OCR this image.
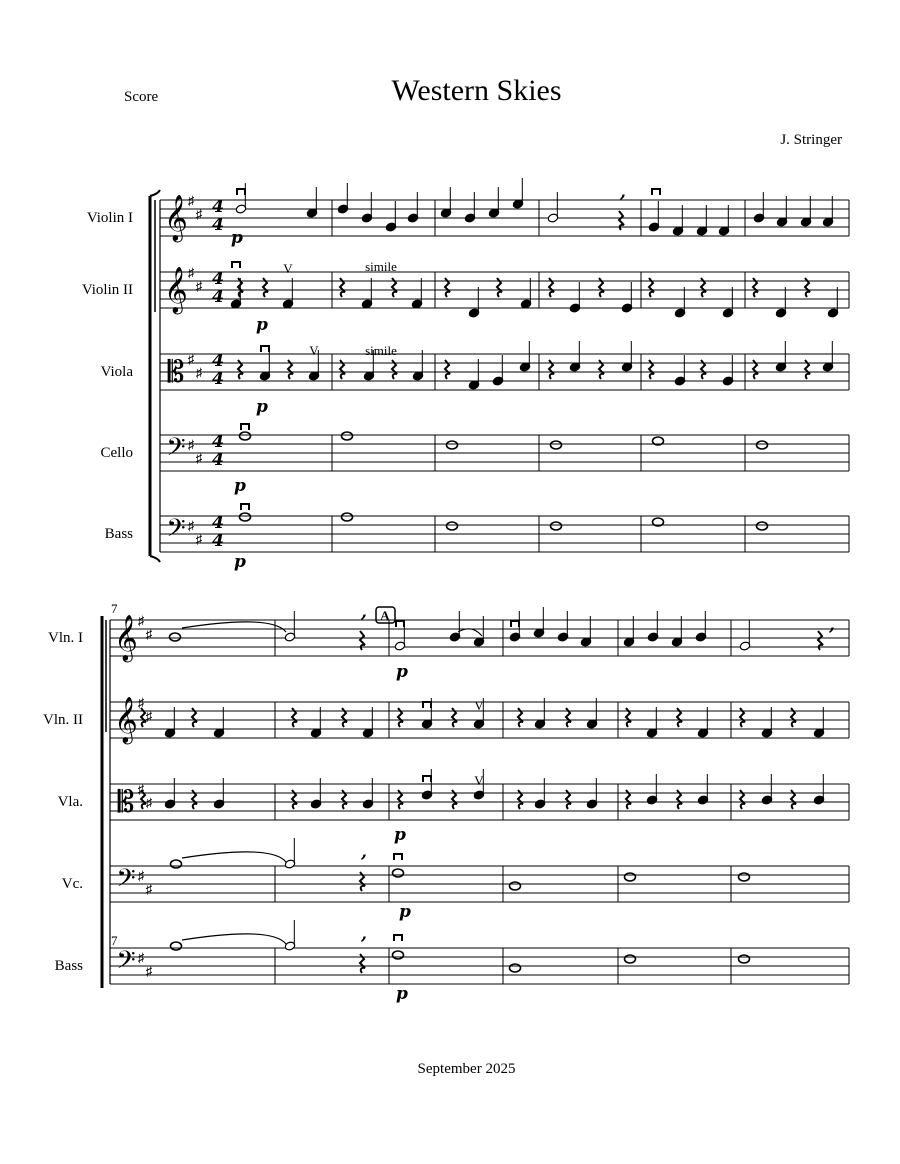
Score	Western Skies
J. Stringer
September 2025
𝄞 ♯
♯ 4
4
Violin I
𝄞 ♯
♯ 4
4
Violin II
𝄡 ♯
♯
4
4
Viola
𝄢 ♯
♯
4
4
Cello
𝄢 ♯
♯
4
4
Bass
p
p
p
p
p
simile
simile
,
V
V
𝄞 ♯
♯
Vln. I
𝄞 ♯
♯
Vln. II
𝄡 ♯
♯
Vla.
𝄢 ♯
♯
Vc.
𝄢 ♯
♯
Bass
7
7
A
,
p
,
V
V
p
,
p
,
p
